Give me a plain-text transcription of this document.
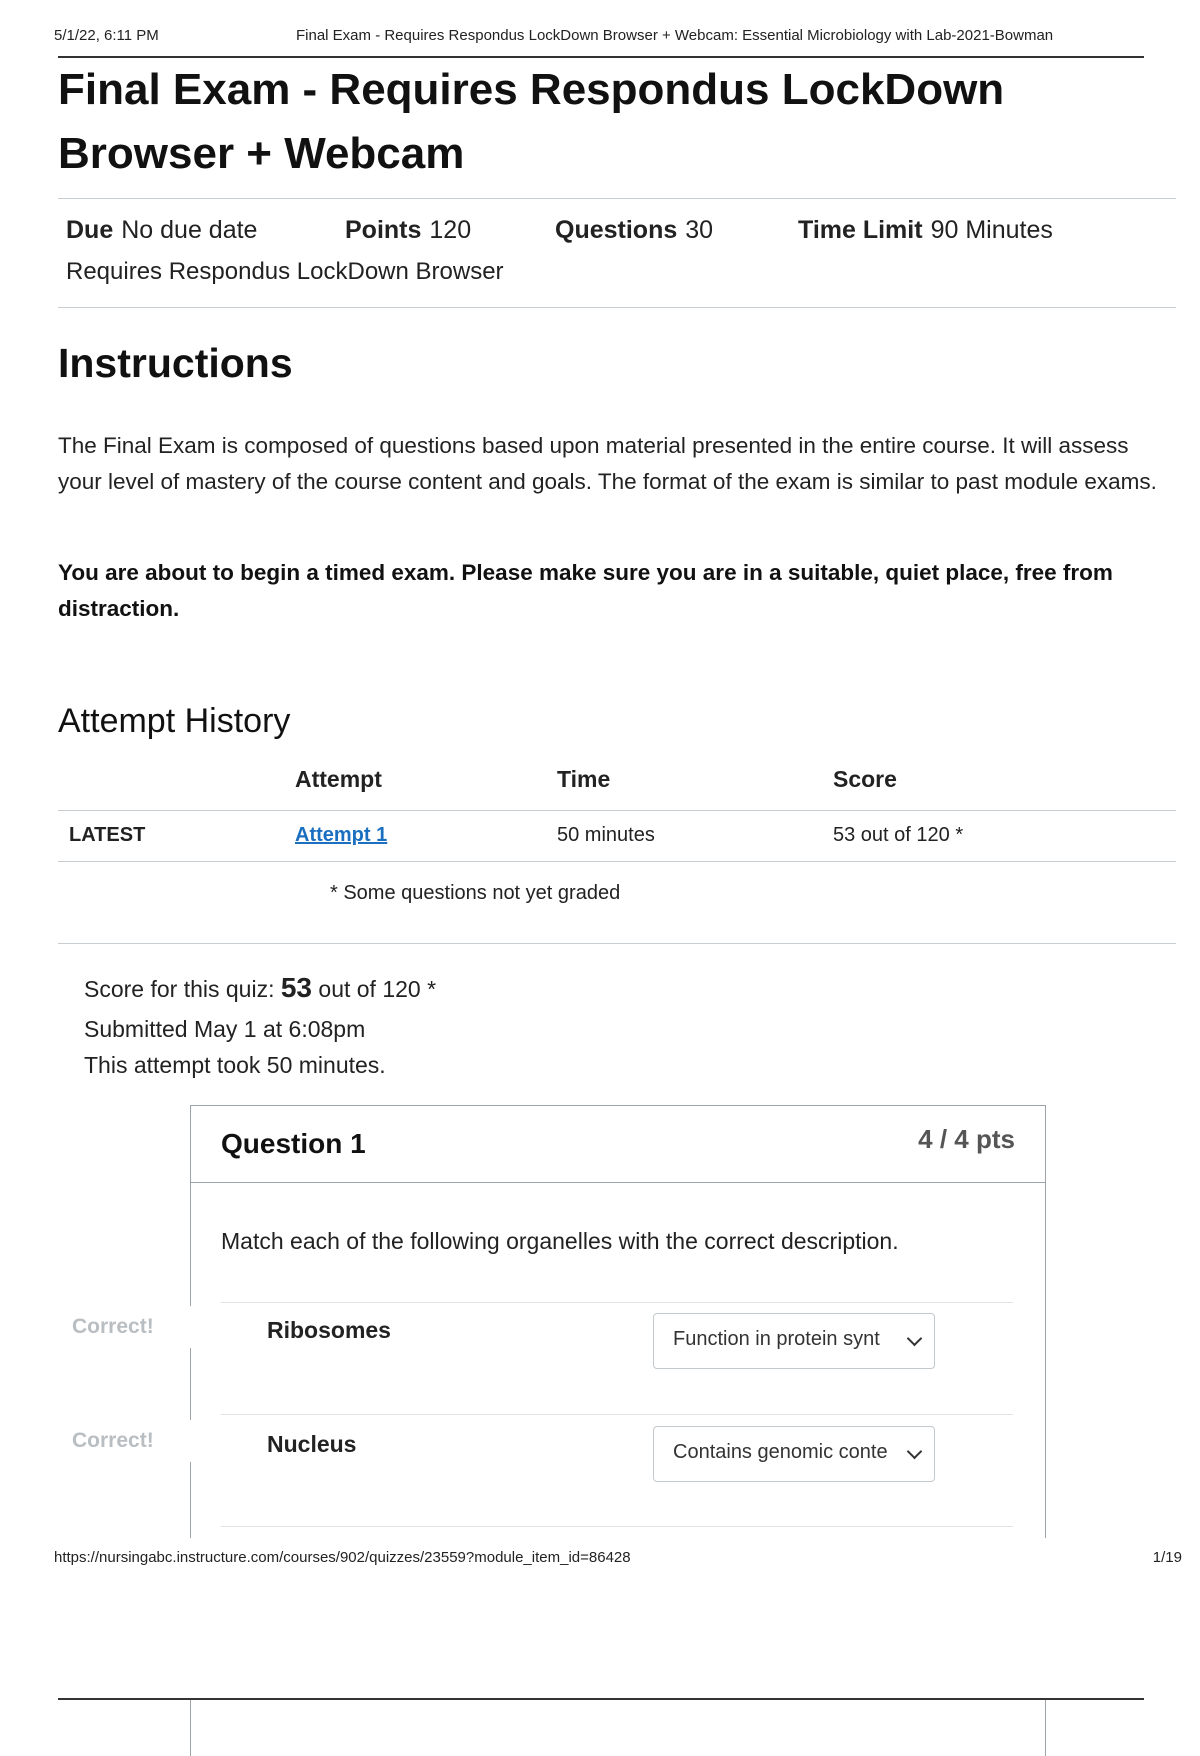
5/1/22, 6:11 PM	Final Exam - Requires Respondus LockDown Browser + Webcam: Essential Microbiology with Lab-2021-Bowman
Final Exam - Requires Respondus LockDown Browser + Webcam
Due No due date	Points 120	Questions 30	Time Limit 90 Minutes
Requires Respondus LockDown Browser
Instructions

The Final Exam is composed of questions based upon material presented in the entire course. It will assess your level of mastery of the course content and goals. The format of the exam is similar to past module exams.

You are about to begin a timed exam. Please make sure you are in a suitable, quiet place, free from distraction.

Attempt History
Attempt	Time	Score
LATEST	Attempt 1	50 minutes	53 out of 120 *
* Some questions not yet graded
Score for this quiz: 53 out of 120 *
Submitted May 1 at 6:08pm
This attempt took 50 minutes.
Question 1	4 / 4 pts
Match each of the following organelles with the correct description.
Ribosomes	Function in protein synt
Nucleus	Contains genomic conte
Correct!
Correct!
https://nursingabc.instructure.com/courses/902/quizzes/23559?module_item_id=86428	1/19
